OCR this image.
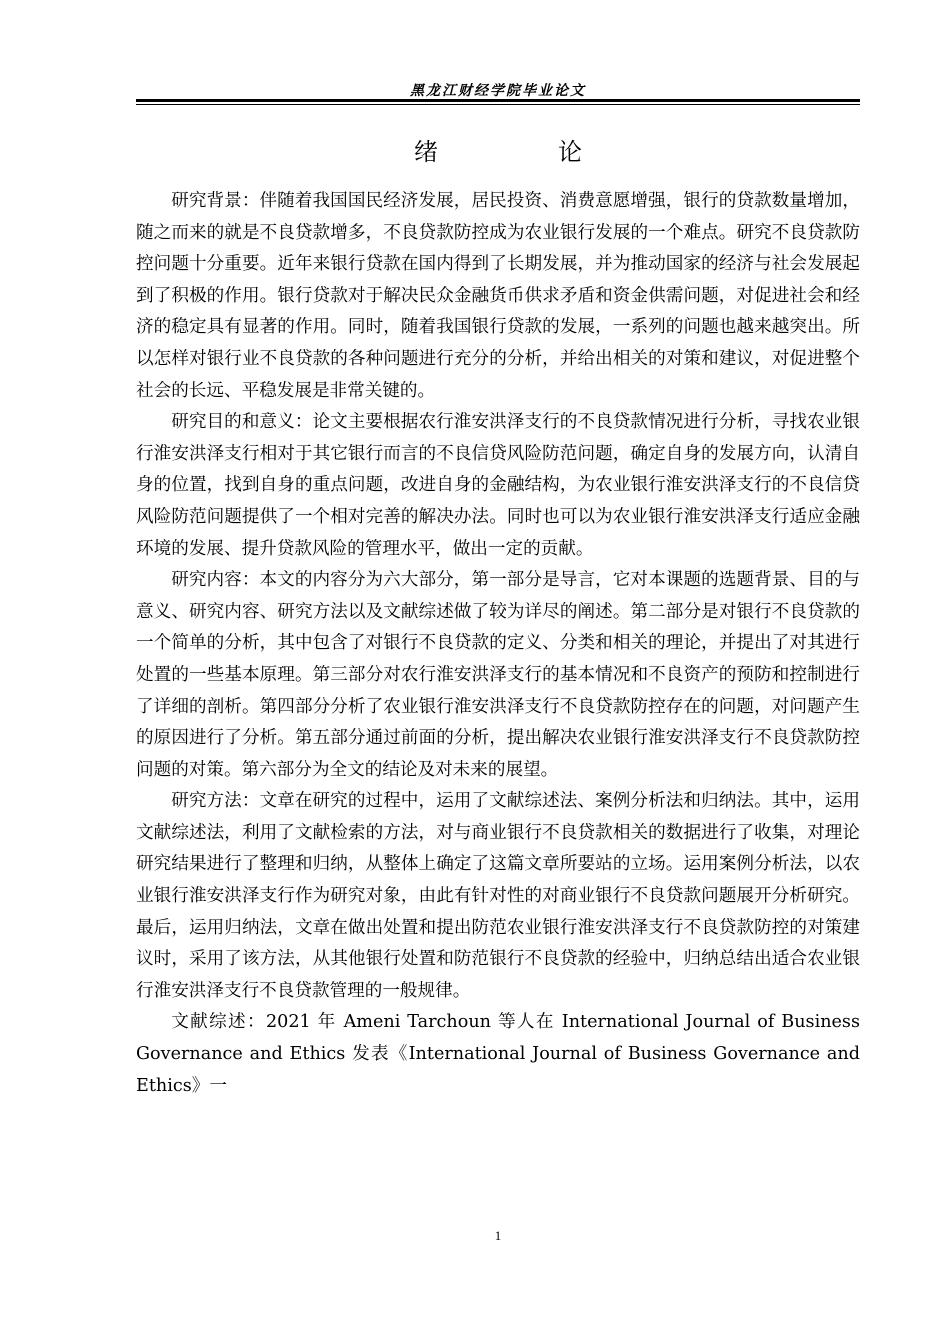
黑龙江财经学院毕业论文
绪　论

研究背景：伴随着我国国民经济发展，居民投资、消费意愿增强，银行的贷款数量增加，随之而来的就是不良贷款增多，不良贷款防控成为农业银行发展的一个难点。研究不良贷款防控问题十分重要。近年来银行贷款在国内得到了长期发展，并为推动国家的经济与社会发展起到了积极的作用。银行贷款对于解决民众金融货币供求矛盾和资金供需问题，对促进社会和经济的稳定具有显著的作用。同时，随着我国银行贷款的发展，一系列的问题也越来越突出。所以怎样对银行业不良贷款的各种问题进行充分的分析，并给出相关的对策和建议，对促进整个社会的长远、平稳发展是非常关键的。

研究目的和意义：论文主要根据农行淮安洪泽支行的不良贷款情况进行分析，寻找农业银行淮安洪泽支行相对于其它银行而言的不良信贷风险防范问题，确定自身的发展方向，认清自身的位置，找到自身的重点问题，改进自身的金融结构，为农业银行淮安洪泽支行的不良信贷风险防范问题提供了一个相对完善的解决办法。同时也可以为农业银行淮安洪泽支行适应金融环境的发展、提升贷款风险的管理水平，做出一定的贡献。

研究内容：本文的内容分为六大部分，第一部分是导言，它对本课题的选题背景、目的与意义、研究内容、研究方法以及文献综述做了较为详尽的阐述。第二部分是对银行不良贷款的一个简单的分析，其中包含了对银行不良贷款的定义、分类和相关的理论，并提出了对其进行处置的一些基本原理。第三部分对农行淮安洪泽支行的基本情况和不良资产的预防和控制进行了详细的剖析。第四部分分析了农业银行淮安洪泽支行不良贷款防控存在的问题，对问题产生的原因进行了分析。第五部分通过前面的分析，提出解决农业银行淮安洪泽支行不良贷款防控问题的对策。第六部分为全文的结论及对未来的展望。

研究方法：文章在研究的过程中，运用了文献综述法、案例分析法和归纳法。其中，运用文献综述法，利用了文献检索的方法，对与商业银行不良贷款相关的数据进行了收集，对理论研究结果进行了整理和归纳，从整体上确定了这篇文章所要站的立场。运用案例分析法，以农业银行淮安洪泽支行作为研究对象，由此有针对性的对商业银行不良贷款问题展开分析研究。最后，运用归纳法，文章在做出处置和提出防范农业银行淮安洪泽支行不良贷款防控的对策建议时，采用了该方法，从其他银行处置和防范银行不良贷款的经验中，归纳总结出适合农业银行淮安洪泽支行不良贷款管理的一般规律。

文献综述：2021 年 Ameni Tarchoun 等人在 International Journal of Business Governance and Ethics 发表《International Journal of Business Governance and Ethics》一

1
